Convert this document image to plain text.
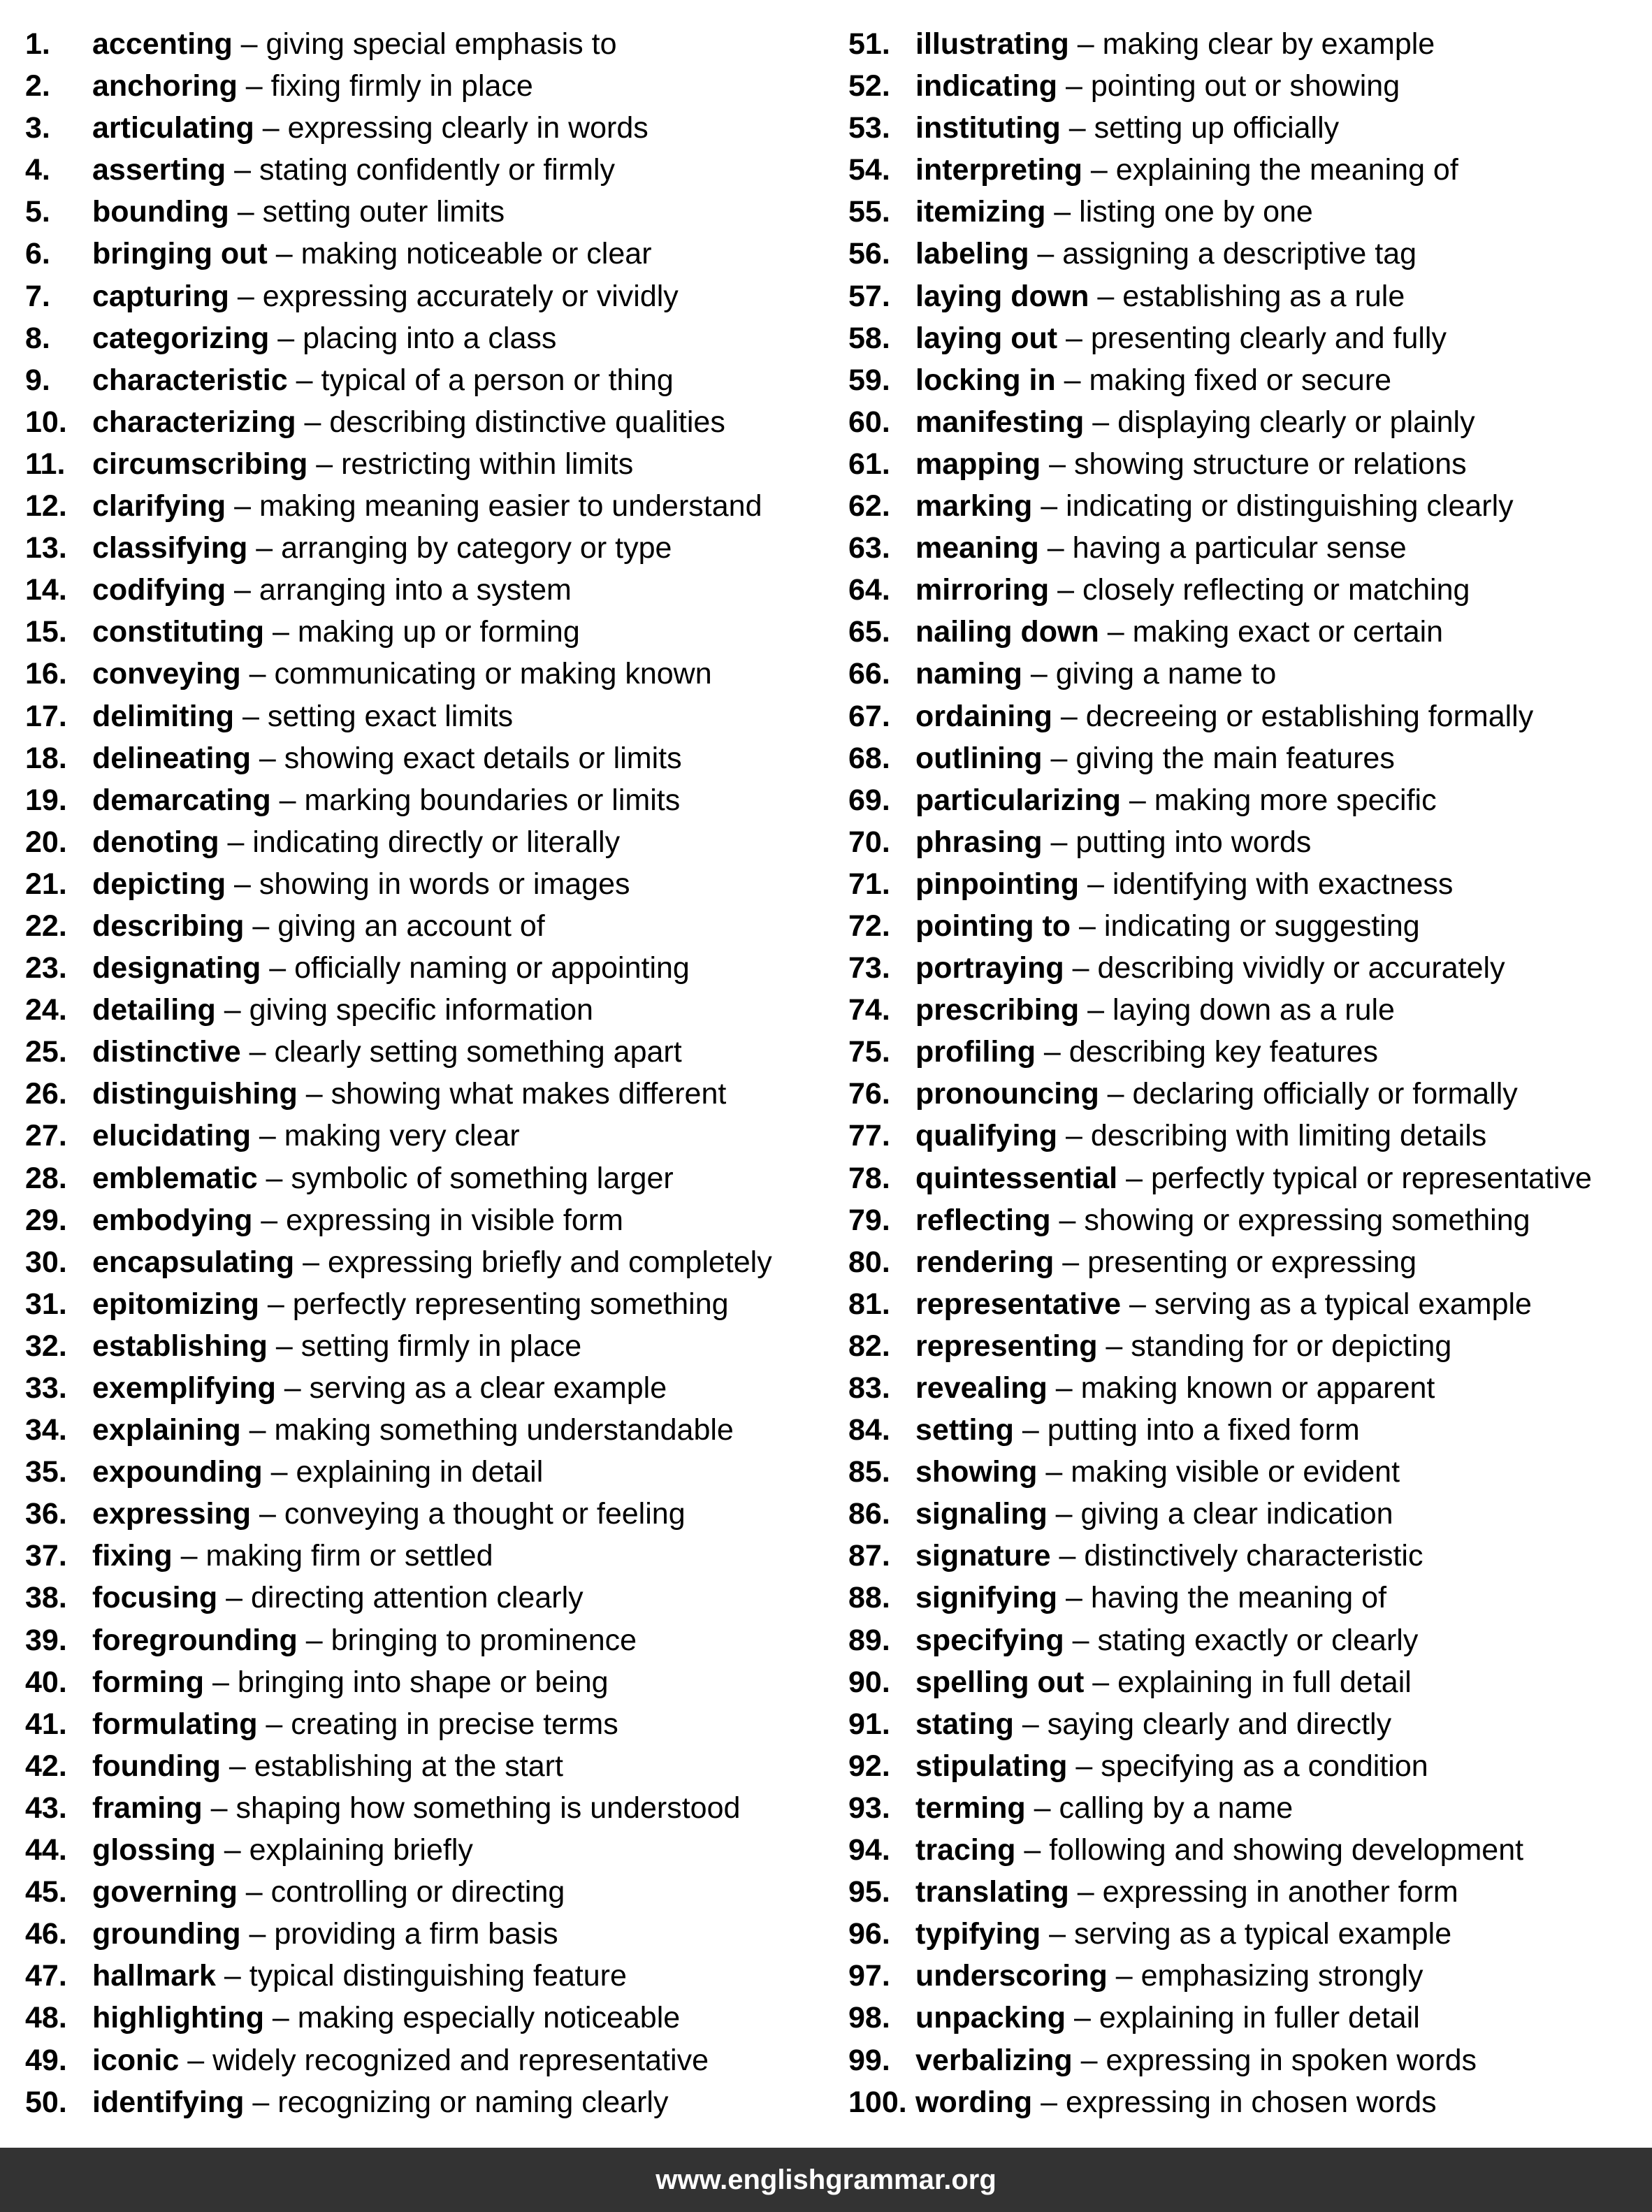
1.	accenting – giving special emphasis to
2.	anchoring – fixing firmly in place
3.	articulating – expressing clearly in words
4.	asserting – stating confidently or firmly
5.	bounding – setting outer limits
6.	bringing out – making noticeable or clear
7.	capturing – expressing accurately or vividly
8.	categorizing – placing into a class
9.	characteristic – typical of a person or thing
10. characterizing – describing distinctive qualities
11. circumscribing – restricting within limits
12. clarifying – making meaning easier to understand
13. classifying – arranging by category or type
14. codifying – arranging into a system
15. constituting – making up or forming
16. conveying – communicating or making known
17. delimiting – setting exact limits
18. delineating – showing exact details or limits
19. demarcating – marking boundaries or limits
20. denoting – indicating directly or literally
21. depicting – showing in words or images
22. describing – giving an account of
23. designating – officially naming or appointing
24. detailing – giving specific information
25. distinctive – clearly setting something apart
26. distinguishing – showing what makes different
27. elucidating – making very clear
28. emblematic – symbolic of something larger
29. embodying – expressing in visible form
30. encapsulating – expressing briefly and completely
31. epitomizing – perfectly representing something
32. establishing – setting firmly in place
33. exemplifying – serving as a clear example
34. explaining – making something understandable
35. expounding – explaining in detail
36. expressing – conveying a thought or feeling
37. fixing – making firm or settled
38. focusing – directing attention clearly
39. foregrounding – bringing to prominence
40. forming – bringing into shape or being
41. formulating – creating in precise terms
42. founding – establishing at the start
43. framing – shaping how something is understood
44. glossing – explaining briefly
45. governing – controlling or directing
46. grounding – providing a firm basis
47. hallmark – typical distinguishing feature
48. highlighting – making especially noticeable
49. iconic – widely recognized and representative
50. identifying – recognizing or naming clearly
51. illustrating – making clear by example
52. indicating – pointing out or showing
53. instituting – setting up officially
54. interpreting – explaining the meaning of
55. itemizing – listing one by one
56. labeling – assigning a descriptive tag
57. laying down – establishing as a rule
58. laying out – presenting clearly and fully
59. locking in – making fixed or secure
60. manifesting – displaying clearly or plainly
61. mapping – showing structure or relations
62. marking – indicating or distinguishing clearly
63. meaning – having a particular sense
64. mirroring – closely reflecting or matching
65. nailing down – making exact or certain
66. naming – giving a name to
67. ordaining – decreeing or establishing formally
68. outlining – giving the main features
69. particularizing – making more specific
70. phrasing – putting into words
71. pinpointing – identifying with exactness
72. pointing to – indicating or suggesting
73. portraying – describing vividly or accurately
74. prescribing – laying down as a rule
75. profiling – describing key features
76. pronouncing – declaring officially or formally
77. qualifying – describing with limiting details
78. quintessential – perfectly typical or representative
79. reflecting – showing or expressing something
80. rendering – presenting or expressing
81. representative – serving as a typical example
82. representing – standing for or depicting
83. revealing – making known or apparent
84. setting – putting into a fixed form
85. showing – making visible or evident
86. signaling – giving a clear indication
87. signature – distinctively characteristic
88. signifying – having the meaning of
89. specifying – stating exactly or clearly
90. spelling out – explaining in full detail
91. stating – saying clearly and directly
92. stipulating – specifying as a condition
93. terming – calling by a name
94. tracing – following and showing development
95. translating – expressing in another form
96. typifying – serving as a typical example
97. underscoring – emphasizing strongly
98. unpacking – explaining in fuller detail
99. verbalizing – expressing in spoken words
100. wording – expressing in chosen words
www.englishgrammar.org
